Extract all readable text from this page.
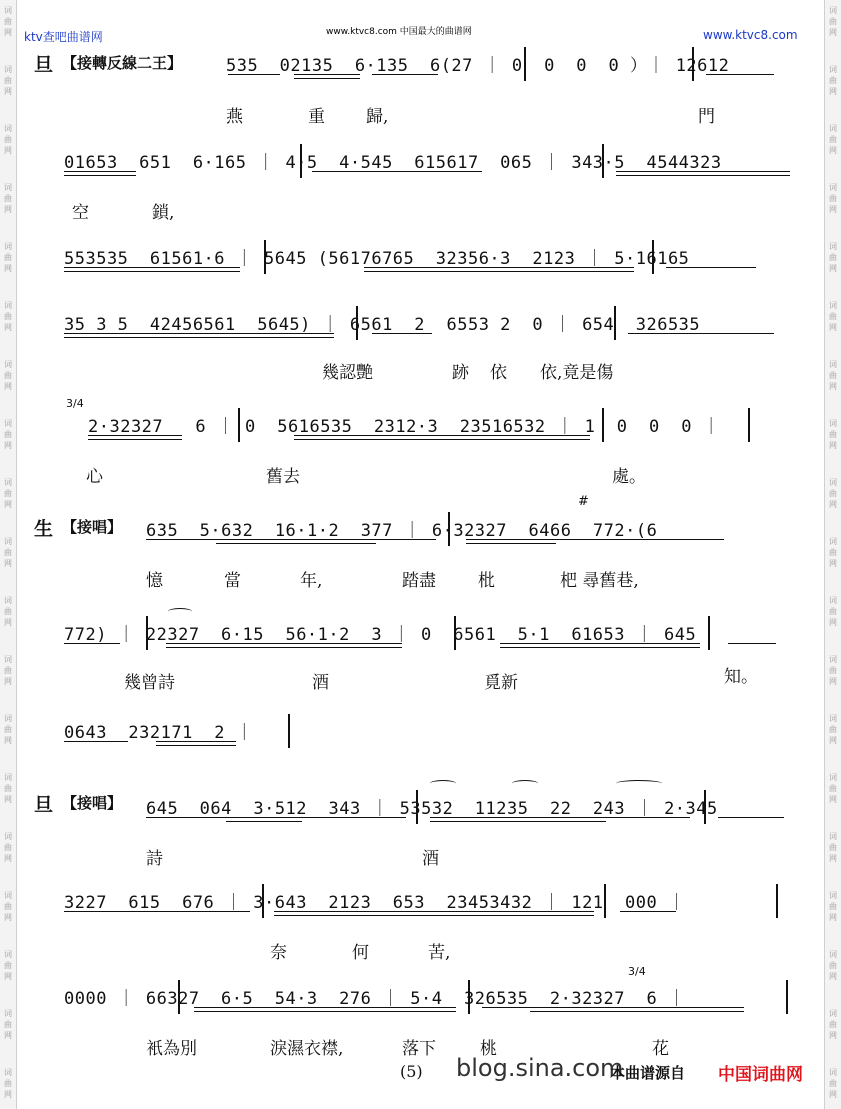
词
曲
网
词
曲
网
词
曲
网
词
曲
网
词
曲
网
词
曲
网
词
曲
网
词
曲
网
词
曲
网
词
曲
网
词
曲
网
词
曲
网
词
曲
网
词
曲
网
词
曲
网
词
曲
网
词
曲
网
词
曲
网
词
曲
网
词
曲
网
词
曲
网
词
曲
网
词
曲
网
词
曲
网
词
曲
网
词
曲
网
词
曲
网
词
曲
网
词
曲
网
词
曲
网
词
曲
网
词
曲
网
词
曲
网
词
曲
网
词
曲
网
词
曲
网
词
曲
网
词
曲
网
ktv查吧曲谱网	www.ktvc8.com 中国最大的曲谱网	www.ktvc8.com
旦 【接轉反線二王】	535  02135  6·135  6(27 ｜ 0  0  0  0 ）｜ 12612
燕	重 歸,	門
01653  651  6·165 ｜ 4·5  4·545  615617  065 ｜ 343·5  4544323
空	鎖,
553535  61561·6 ｜ 5645 (56176765  32356·3  2123 ｜ 5·16165
35 3 5  42456561  5645) ｜ 6561  2  6553 2  0 ｜ 654  326535
幾認艷	跡 依 依,竟是傷
3/4
2·32327   6 ｜ 0  5616535  2312·3  23516532 ｜ 1  0  0  0 ｜
心	舊去	處。
生 【接唱】 635  5·632  16·1·2  377 ｜ 6·32327  6466  772·(6
#
憶	當	年,	踏盡 枇	杷 尋舊巷,
772) ｜ 22327  6·15  56·1·2  3 ｜ 0  6561  5·1  61653 ｜ 645
幾曾詩	酒	覓新	知。
0643  232171  2 ｜
旦 【接唱】 645  064  3·512  343 ｜ 53532  11235  22  243 ｜ 2·345
詩	酒
3227  615  676 ｜ 3·643  2123  653  23453432 ｜ 121  000 ｜
奈	何	苦,
3/4
0000 ｜ 66327  6·5  54·3  276 ｜ 5·4  326535  2·32327  6 ｜
衹為別	淚濕衣襟,	落下	桃	花
(5) blog.sina.com
本曲谱源自 中国词曲网
